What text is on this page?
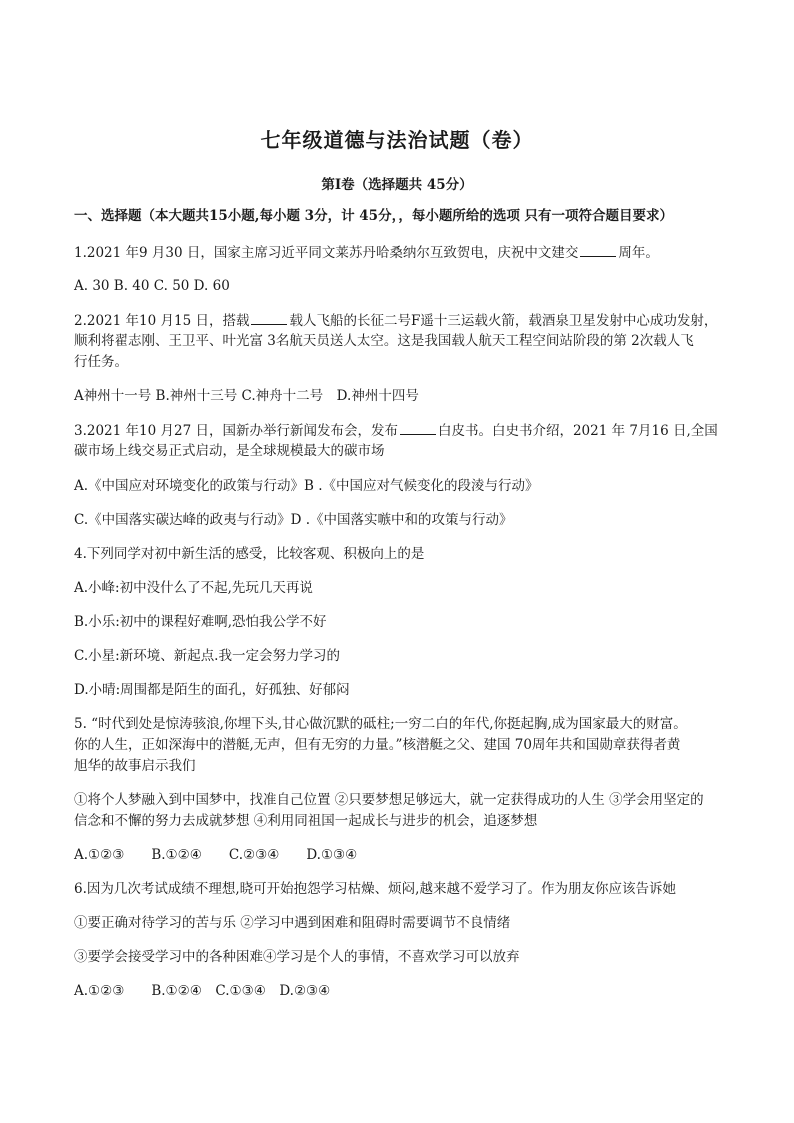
七年级道德与法治试题（卷）
第Ⅰ卷（选择题共 45分）
一、选择题（本大题共15小题,每小题 3分，计 45分，，每小题所给的选项 只有一项符合题目要求）
1.2021 年9 月30 日，国家主席习近平同文莱苏丹哈桑纳尔互致贺电，庆祝中文建交	周年。
A. 30 B. 40 C. 50 D. 60
2.2021 年10 月15 日，搭载	载人飞船的长征二号F遥十三运载火箭，载酒泉卫星发射中心成功发射，
顺利将翟志刚、王卫平、叶光富 3名航天员送人太空。这是我国载人航天工程空间站阶段的第 2次载人飞
行任务。
A神州十一号 B.神州十三号 C.神舟十二号　D.神州十四号
3.2021 年10 月27 日，国新办举行新闻发布会，发布	白皮书。白史书介绍，2021 年 7月16 日,全国
碳市场上线交易正式启动，是全球规模最大的碳市场
A.《中国应对环境变化的政策与行动》B .《中国应对气候变化的段淩与行动》
C.《中国落实碳达峰的政夷与行动》D .《中国落实嗾中和的攻策与行动》
4.下列同学对初中新生活的感受，比较客观、积极向上的是
A.小峰:初中没什么了不起,先玩几天再说
B.小乐:初中的课程好难啊,恐怕我公学不好
C.小星:新环境、新起点.我一定会努力学习的
D.小晴:周围都是陌生的面孔，好孤独、好郁闷
5. “时代到处是惊涛骇浪,你埋下头,甘心做沉默的砥柱;一穷二白的年代,你挺起胸,成为国家最大的财富。
你的人生，正如深海中的潜艇,无声，但有无穷的力量。”核潜艇之父、建国 70周年共和国勋章获得者黄
旭华的故事启示我们
①将个人梦融入到中国梦中，找准自己位置 ②只要梦想足够远大，就一定获得成功的人生 ③学会用坚定的
信念和不懈的努力去成就梦想 ④利用同祖国一起成长与进步的机会，追逐梦想
A.①②③　　B.①②④　　C.②③④　　D.①③④
6.因为几次考试成绩不理想,晓可开始抱怨学习枯燥、烦闷,越来越不爱学习了。作为朋友你应该告诉她
①要正确对待学习的苦与乐 ②学习中遇到困难和阻碍时需要调节不良情绪
③要学会接受学习中的各种困难④学习是个人的事情，不喜欢学习可以放弃
A.①②③　　B.①②④　C.①③④　D.②③④
